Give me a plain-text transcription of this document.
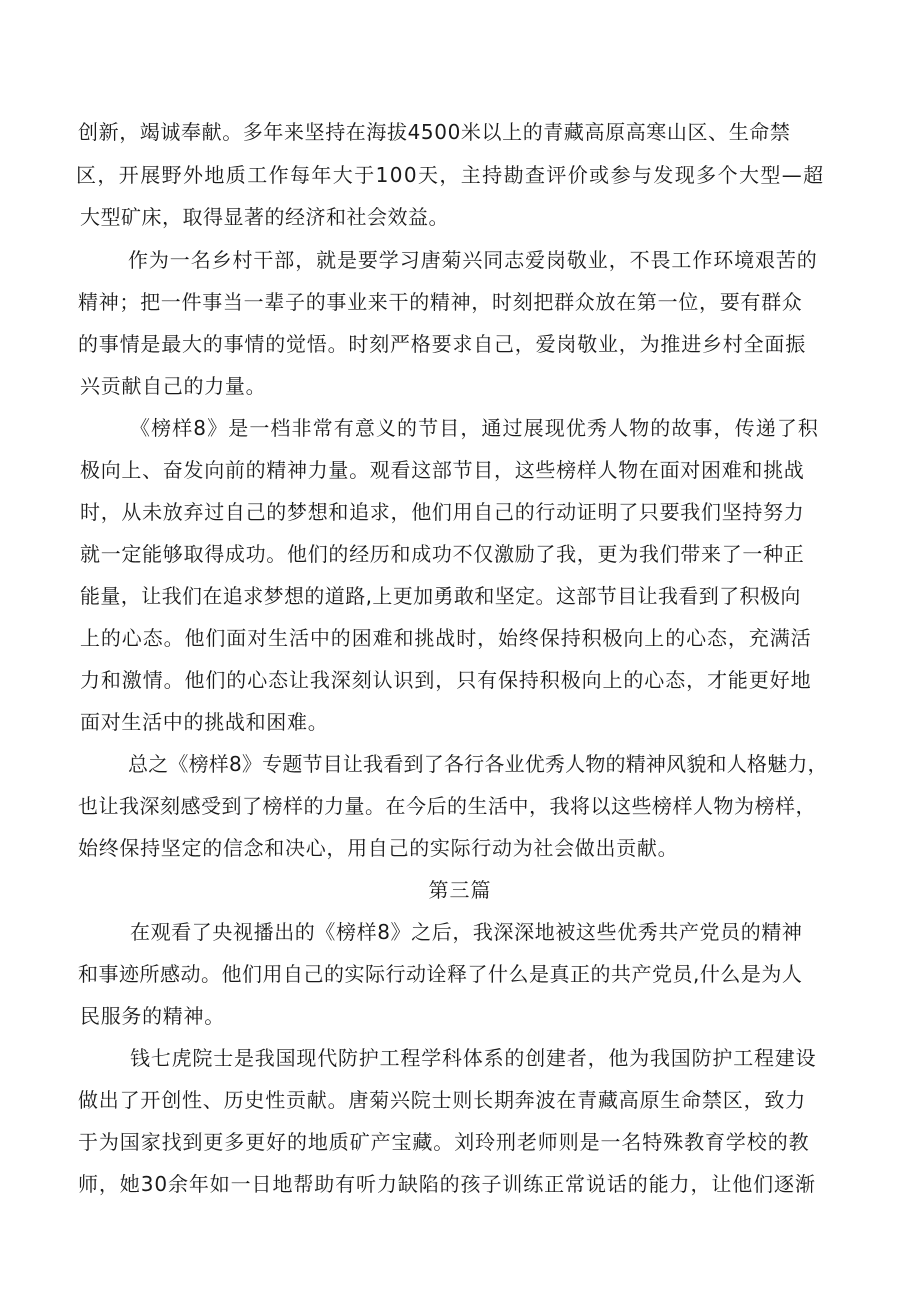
创新，竭诚奉献。多年来坚持在海拔4500米以上的青藏高原高寒山区、生命禁
区，开展野外地质工作每年大于100天，主持勘查评价或参与发现多个大型—超
大型矿床，取得显著的经济和社会效益。
作为一名乡村干部，就是要学习唐菊兴同志爱岗敬业，不畏工作环境艰苦的
精神；把一件事当一辈子的事业来干的精神，时刻把群众放在第一位，要有群众
的事情是最大的事情的觉悟。时刻严格要求自己，爱岗敬业，为推进乡村全面振
兴贡献自己的力量。
《榜样8》是一档非常有意义的节目，通过展现优秀人物的故事，传递了积
极向上、奋发向前的精神力量。观看这部节目，这些榜样人物在面对困难和挑战
时，从未放弃过自己的梦想和追求，他们用自己的行动证明了只要我们坚持努力
就一定能够取得成功。他们的经历和成功不仅激励了我，更为我们带来了一种正
能量，让我们在追求梦想的道路,上更加勇敢和坚定。这部节目让我看到了积极向
上的心态。他们面对生活中的困难和挑战时，始终保持积极向上的心态，充满活
力和激情。他们的心态让我深刻认识到，只有保持积极向上的心态，才能更好地
面对生活中的挑战和困难。
总之《榜样8》专题节目让我看到了各行各业优秀人物的精神风貌和人格魅力，
也让我深刻感受到了榜样的力量。在今后的生活中，我将以这些榜样人物为榜样，
始终保持坚定的信念和决心，用自己的实际行动为社会做出贡献。
第三篇
在观看了央视播出的《榜样8》之后，我深深地被这些优秀共产党员的精神
和事迹所感动。他们用自己的实际行动诠释了什么是真正的共产党员,什么是为人
民服务的精神。
钱七虎院士是我国现代防护工程学科体系的创建者，他为我国防护工程建设
做出了开创性、历史性贡献。唐菊兴院士则长期奔波在青藏高原生命禁区，致力
于为国家找到更多更好的地质矿产宝藏。刘玲刑老师则是一名特殊教育学校的教
师，她30余年如一日地帮助有听力缺陷的孩子训练正常说话的能力，让他们逐渐
